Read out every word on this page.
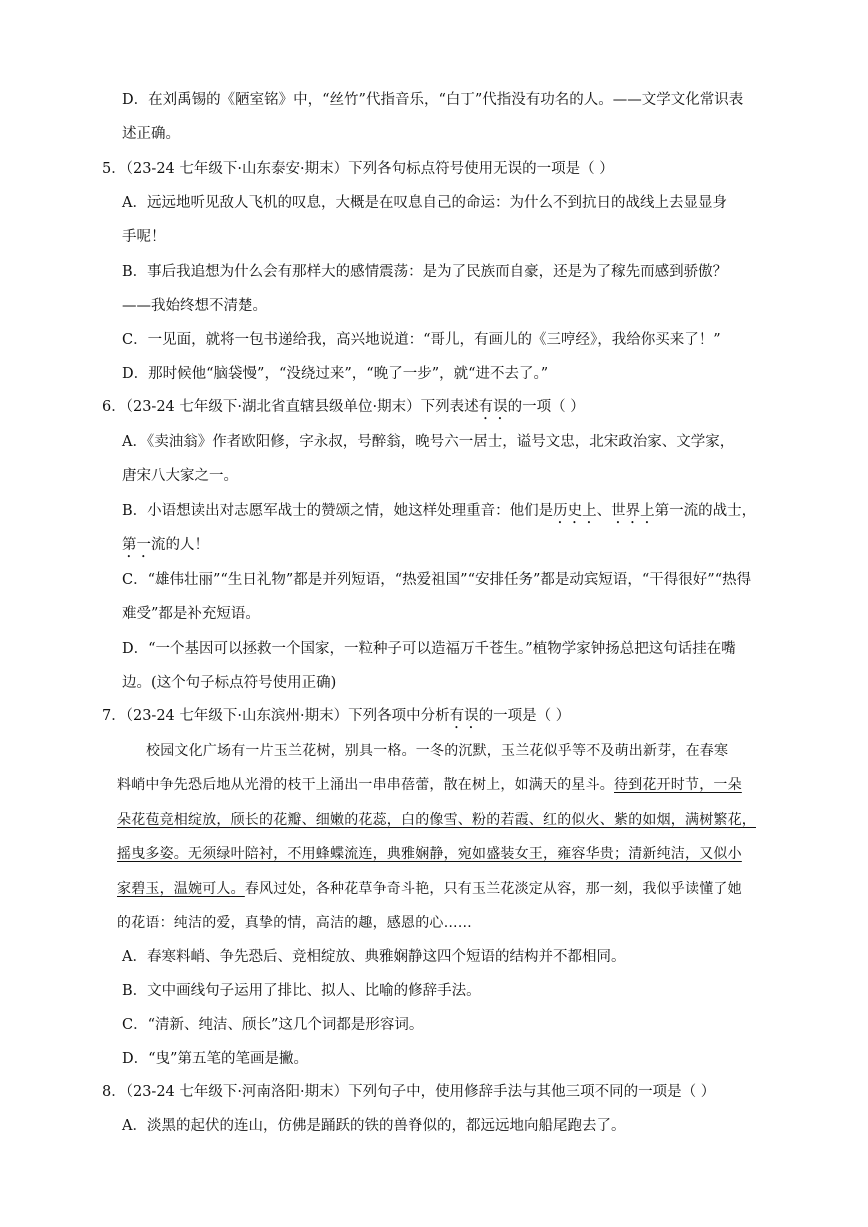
D．在刘禹锡的《陋室铭》中，“丝竹”代指音乐，“白丁”代指没有功名的人。——文学文化常识表
述正确。
5．（23-24 七年级下·山东泰安·期末）下列各句标点符号使用无误的一项是（ ）
A．远远地听见敌人飞机的叹息，大概是在叹息自己的命运：为什么不到抗日的战线上去显显身
手呢！
B．事后我追想为什么会有那样大的感情震荡：是为了民族而自豪，还是为了稼先而感到骄傲？
——我始终想不清楚。
C．一见面，就将一包书递给我，高兴地说道：“哥儿，有画儿的《三哼经》，我给你买来了！”
D．那时候他“脑袋慢”，“没绕过来”，“晚了一步”，就“进不去了。”
6．（23-24 七年级下·湖北省直辖县级单位·期末）下列表述有误的一项（ ）
A．《卖油翁》作者欧阳修，字永叔，号醉翁，晚号六一居士，谥号文忠，北宋政治家、文学家，
唐宋八大家之一。
B．小语想读出对志愿军战士的赞颂之情，她这样处理重音：他们是历史上、世界上第一流的战士，
第一流的人！
C．“雄伟壮丽”“生日礼物”都是并列短语，“热爱祖国”“安排任务”都是动宾短语，“干得很好”“热得
难受”都是补充短语。
D．“一个基因可以拯救一个国家，一粒种子可以造福万千苍生。”植物学家钟扬总把这句话挂在嘴
边。(这个句子标点符号使用正确)
7．（23-24 七年级下·山东滨州·期末）下列各项中分析有误的一项是（ ）
校园文化广场有一片玉兰花树，别具一格。一冬的沉默，玉兰花似乎等不及萌出新芽，在春寒
料峭中争先恐后地从光滑的枝干上涌出一串串蓓蕾，散在树上，如满天的星斗。待到花开时节，一朵
朵花苞竞相绽放，颀长的花瓣、细嫩的花蕊，白的像雪、粉的若霞、红的似火、紫的如烟，满树繁花，
摇曳多姿。无须绿叶陪衬，不用蜂蝶流连，典雅娴静，宛如盛装女王，雍容华贵；清新纯洁，又似小
家碧玉，温婉可人。春风过处，各种花草争奇斗艳，只有玉兰花淡定从容，那一刻，我似乎读懂了她
的花语：纯洁的爱，真挚的情，高洁的趣，感恩的心……
A．春寒料峭、争先恐后、竞相绽放、典雅娴静这四个短语的结构并不都相同。
B．文中画线句子运用了排比、拟人、比喻的修辞手法。
C．“清新、纯洁、颀长”这几个词都是形容词。
D．“曳”第五笔的笔画是撇。
8．（23-24 七年级下·河南洛阳·期末）下列句子中，使用修辞手法与其他三项不同的一项是（ ）
A．淡黑的起伏的连山，仿佛是踊跃的铁的兽脊似的，都远远地向船尾跑去了。
